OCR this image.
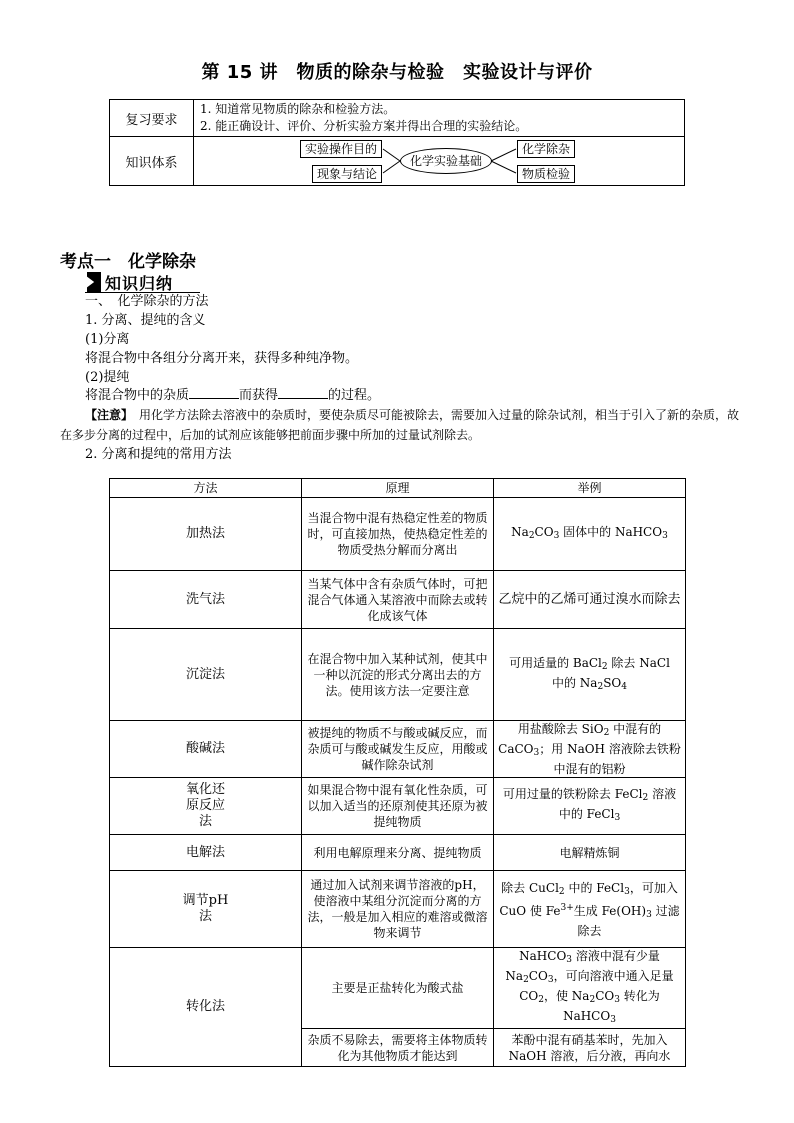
第 15 讲　物质的除杂与检验　实验设计与评价
复习要求	1. 知道常见物质的除杂和检验方法。
2. 能正确设计、评价、分析实验方案并得出合理的实验结论。

知识体系	实验操作目的
现象与结论
化学实验基础
化学除杂
物质检验
考点一　化学除杂
知识归纳
一、　化学除杂的方法
1. 分离、提纯的含义
(1)分离
将混合物中各组分分离开来，获得多种纯净物。
(2)提纯
将混合物中的杂质	而获得	的过程。
【注意】　用化学方法除去溶液中的杂质时，要使杂质尽可能被除去，需要加入过量的除杂试剂，相当于引入了新的杂质，故在多步分离的过程中，后加的试剂应该能够把前面步骤中所加的过量试剂除去。
2. 分离和提纯的常用方法
方法	原理	举例
加热法	当混合物中混有热稳定性差的物质时，可直接加热，使热稳定性差的物质受热分解而分离出	$Na_2CO_3$ 固体中的 NaHCO$_3$
洗气法	当某气体中含有杂质气体时，可把混合气体通入某溶液中而除去或转化成该气体	乙烷中的乙烯可通过溴水而除去
沉淀法	在混合物中加入某种试剂，使其中一种以沉淀的形式分离出去的方法。使用该方法一定要注意	可用适量的 BaCl$_2$ 除去 NaCl
中的 $Na_2SO_4$
酸碱法	被提纯的物质不与酸或碱反应，而杂质可与酸或碱发生反应，用酸或碱作除杂试剂	用盐酸除去 SiO$_2$ 中混有的 CaCO$_3$；用 NaOH 溶液除去铁粉中混有的铝粉
氧化还原反应法	如果混合物中混有氧化性杂质，可以加入适当的还原剂使其还原为被提纯物质	可用过量的铁粉除去 FeCl$_2$ 溶液中的 FeCl$_3$
电解法	利用电解原理来分离、提纯物质	电解精炼铜
调节pH 法	通过加入试剂来调节溶液的pH，使溶液中某组分沉淀而分离的方法，一般是加入相应的难溶或微溶物来调节	除去 CuCl$_2$ 中的 FeCl$_3$，可加入 CuO 使 $Fe^{3+}$生成 $Fe(OH)_3$ 过滤除去
转化法	主要是正盐转化为酸式盐	NaHCO$_3$ 溶液中混有少量 $Na_2CO_3$，可向溶液中通入足量 $CO_2$，使 $Na_2CO_3$ 转化为 NaHCO$_3$
	杂质不易除去，需要将主体物质转化为其他物质才能达到	苯酚中混有硝基苯时，先加入 NaOH 溶液，后分液，再向水
